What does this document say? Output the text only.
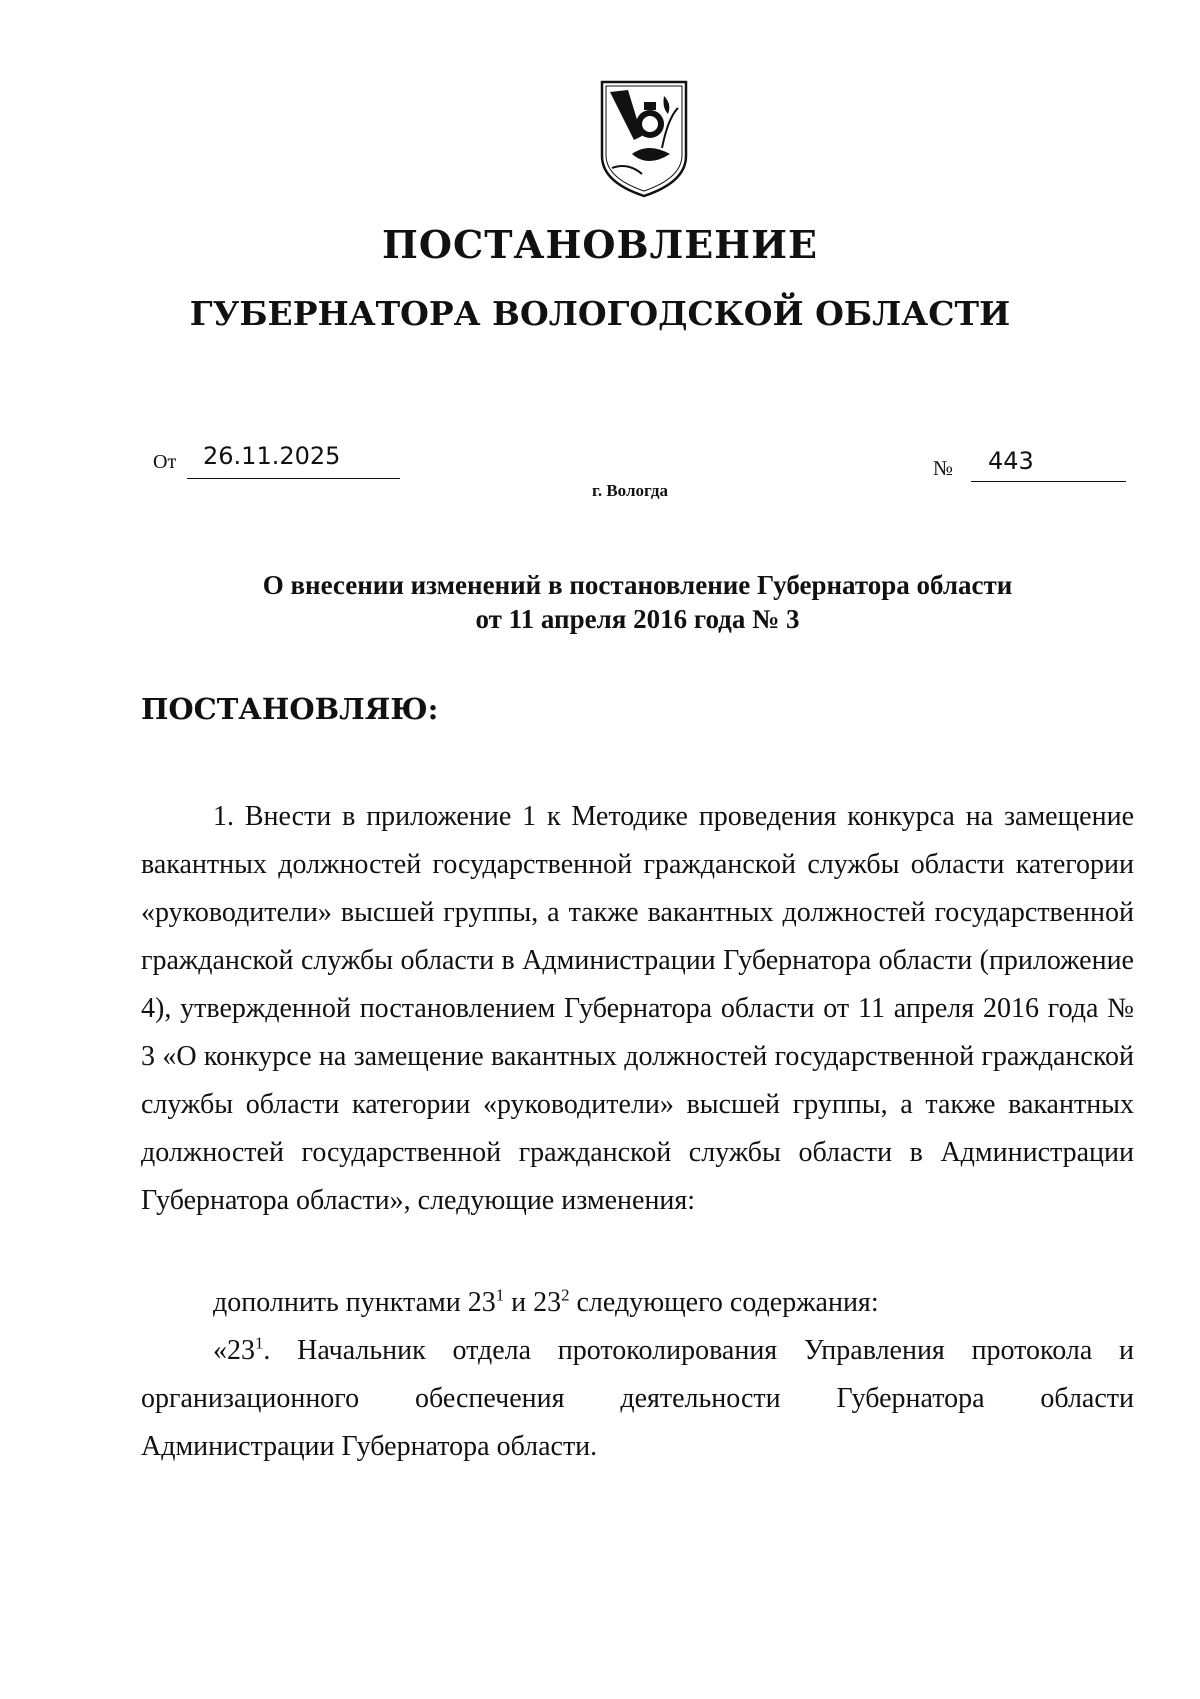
ПОСТАНОВЛЕНИЕ
ГУБЕРНАТОРА ВОЛОГОДСКОЙ ОБЛАСТИ
От 26.11.2025	№ 443
г. Вологда
О внесении изменений в постановление Губернатора области
от 11 апреля 2016 года № 3
ПОСТАНОВЛЯЮ:

1. Внести в приложение 1 к Методике проведения конкурса на замещение вакантных должностей государственной гражданской службы области категории «руководители» высшей группы, а также вакантных должностей государственной гражданской службы области в Администрации Губернатора области (приложение 4), утвержденной постановлением Губернатора области от 11 апреля 2016 года № 3 «О конкурсе на замещение вакантных должностей государственной гражданской службы области категории «руководители» высшей группы, а также вакантных должностей государственной гражданской службы области в Администрации Губернатора области», следующие изменения:

дополнить пунктами $23^1$ и $23^2$ следующего содержания:

«$23^1$. Начальник отдела протоколирования Управления протокола и организационного обеспечения деятельности Губернатора области Администрации Губернатора области.
